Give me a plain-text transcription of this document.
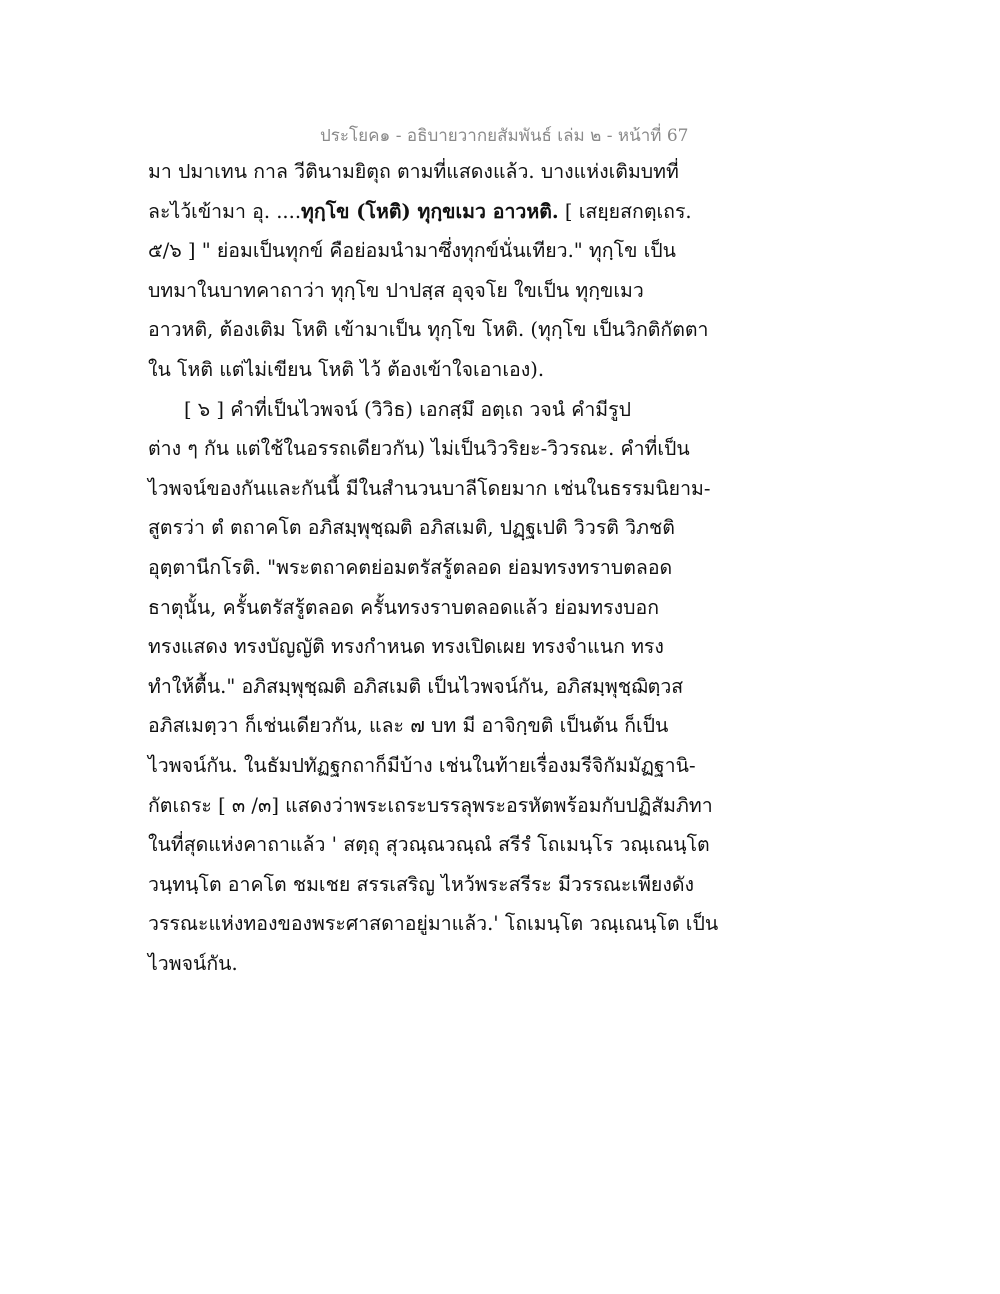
ประโยค๑ - อธิบายวากยสัมพันธ์ เล่ม ๒ - หน้าที่ 67
มา ปมาเทน กาล วีตินามยิตุถ ตามที่แสดงแล้ว. บางแห่งเติมบทที่
ละไว้เข้ามา อุ. ....ทุกฺโข (โหติ) ทุกฺขเมว อาวหติ. [ เสยฺยสกตฺเถร.
๕/๖ ] " ย่อมเป็นทุกข์ คือย่อมนำมาซึ่งทุกข์นั่นเทียว." ทุกฺโข เป็น
บทมาในบาทคาถาว่า ทุกฺโข ปาปสฺส อุจฺจโย ใขเป็น ทุกฺขเมว
อาวหติ, ต้องเติม โหติ เข้ามาเป็น ทุกฺโข โหติ. (ทุกฺโข เป็นวิกติกัตตา
ใน โหติ แต่ไม่เขียน โหติ ไว้ ต้องเข้าใจเอาเอง).
[ ๖ ] คำที่เป็นไวพจน์ (วิวิธ) เอกสฺมึ อตฺเถ วจนํ คำมีรูป
ต่าง ๆ กัน แต่ใช้ในอรรถเดียวกัน) ไม่เป็นวิวริยะ-วิวรณะ. คำที่เป็น
ไวพจน์ของกันและกันนี้ มีในสำนวนบาลีโดยมาก เช่นในธรรมนิยาม-
สูตรว่า ตํ ตถาคโต อภิสมฺพุชฺฌติ อภิสเมติ, ปฏฺฐเปติ วิวรติ วิภชติ
อุตฺตานีกโรติ. "พระตถาคตย่อมตรัสรู้ตลอด ย่อมทรงทราบตลอด
ธาตุนั้น, ครั้นตรัสรู้ตลอด ครั้นทรงราบตลอดแล้ว ย่อมทรงบอก
ทรงแสดง ทรงบัญญัติ ทรงกำหนด ทรงเปิดเผย ทรงจำแนก ทรง
ทำให้ตื้น." อภิสมฺพุชฺฌติ อภิสเมติ เป็นไวพจน์กัน, อภิสมฺพุชฺฌิตฺวส
อภิสเมตฺวา ก็เช่นเดียวกัน, และ ๗ บท มี อาจิกฺขติ เป็นต้น ก็เป็น
ไวพจน์กัน. ในธัมปทัฏฐกถาก็มีบ้าง เช่นในท้ายเรื่องมรีจิกัมมัฏฐานิ-
กัตเถระ [ ๓ /๓] แสดงว่าพระเถระบรรลุพระอรหัตพร้อมกับปฏิสัมภิทา
ในที่สุดแห่งคาถาแล้ว ' สตฺถุ สุวณฺณวณฺณํ สรีรํ โถเมนฺโร วณฺเณนฺโต
วนฺทนฺโต อาคโต ชมเชย สรรเสริญ ไหว้พระสรีระ มีวรรณะเพียงดัง
วรรณะแห่งทองของพระศาสดาอยู่มาแล้ว.' โถเมนฺโต วณฺเณนฺโต เป็น
ไวพจน์กัน.
